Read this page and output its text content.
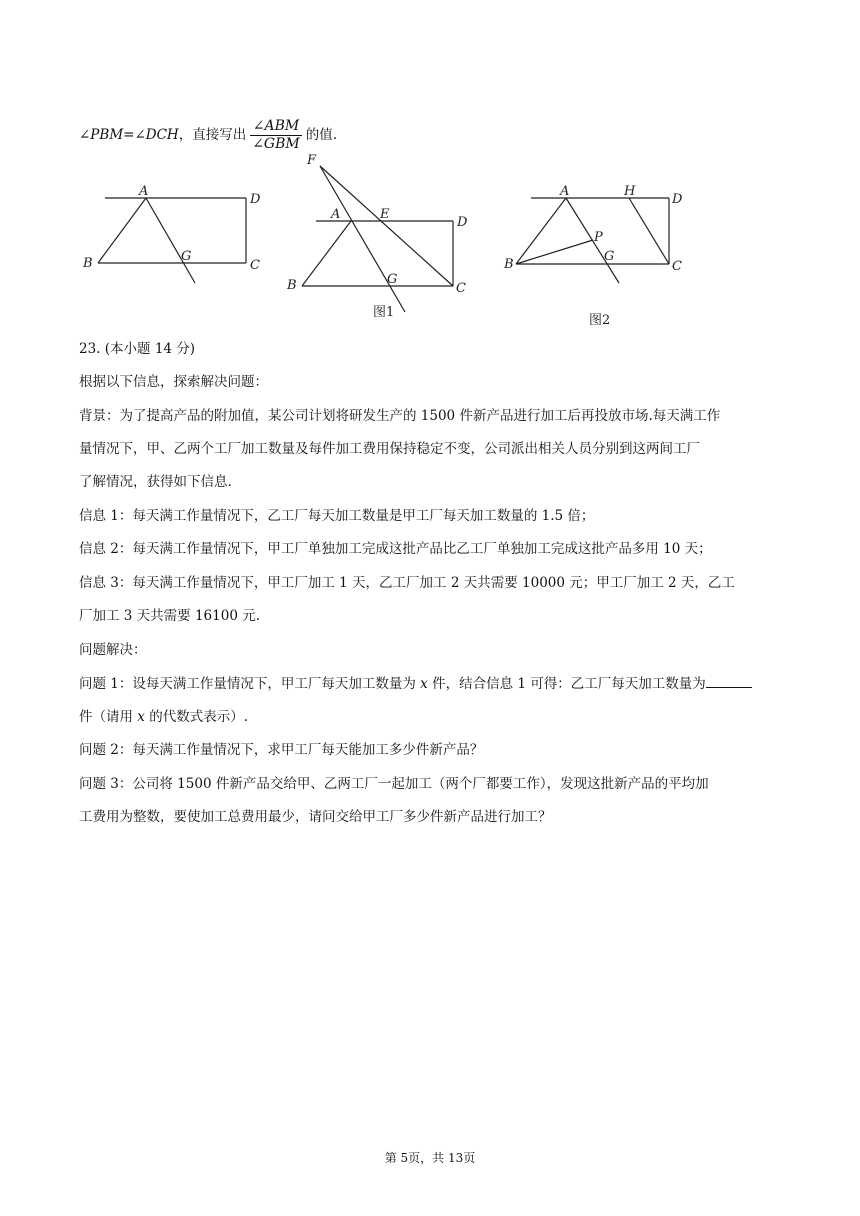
∠PBM=∠DCH，直接写出 $\frac{\text{∠ABM}}{\text{∠GBM}}$ 的值.
A
D
B	G
C
F
A	E
D
B	G
C
图1
A	H
D
P
B
G
C
图2
23. (本小题 14 分)
根据以下信息，探索解决问题：
背景：为了提高产品的附加值，某公司计划将研发生产的 1500 件新产品进行加工后再投放市场.每天满工作
量情况下，甲、乙两个工厂加工数量及每件加工费用保持稳定不变，公司派出相关人员分别到这两间工厂
了解情况，获得如下信息.
信息 1：每天满工作量情况下，乙工厂每天加工数量是甲工厂每天加工数量的 1.5 倍；
信息 2：每天满工作量情况下，甲工厂单独加工完成这批产品比乙工厂单独加工完成这批产品多用 10 天；
信息 3：每天满工作量情况下，甲工厂加工 1 天，乙工厂加工 2 天共需要 10000 元；甲工厂加工 2 天，乙工
厂加工 3 天共需要 16100 元.
问题解决：
问题 1：设每天满工作量情况下，甲工厂每天加工数量为 x 件，结合信息 1 可得：乙工厂每天加工数量为
件（请用 x 的代数式表示）.
问题 2：每天满工作量情况下，求甲工厂每天能加工多少件新产品？
问题 3：公司将 1500 件新产品交给甲、乙两工厂一起加工（两个厂都要工作），发现这批新产品的平均加
工费用为整数，要使加工总费用最少，请问交给甲工厂多少件新产品进行加工？
第 5页，共 13页
